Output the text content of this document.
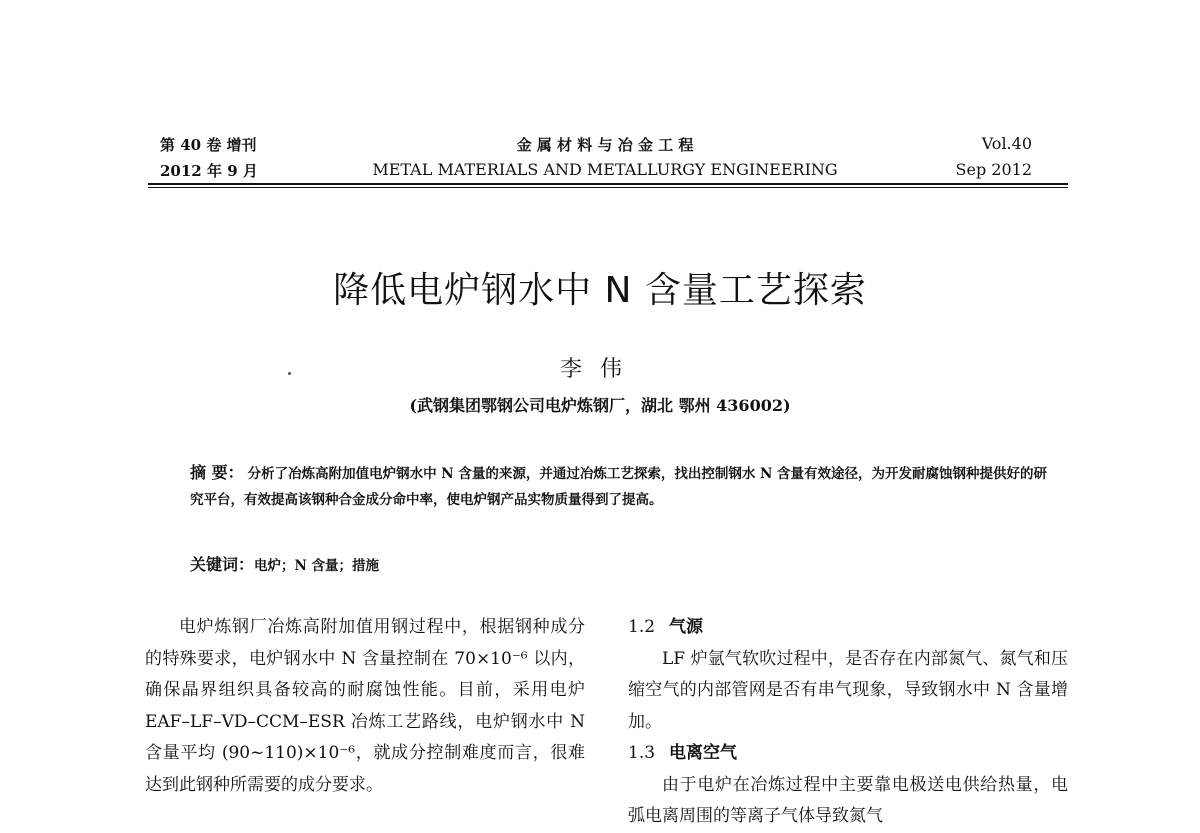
第 40 卷 增刊
2012 年 9 月
金 属 材 料 与 冶 金 工 程
METAL MATERIALS AND METALLURGY ENGINEERING
Vol.40
Sep 2012
降低电炉钢水中 N 含量工艺探索
李伟
(武钢集团鄂钢公司电炉炼钢厂，湖北 鄂州 436002)
摘 要： 分析了冶炼高附加值电炉钢水中 N 含量的来源，并通过冶炼工艺探索，找出控制钢水 N 含量有效途径，为开发耐腐蚀钢种提供好的研究平台，有效提高该钢种合金成分命中率，使电炉钢产品实物质量得到了提高。
关键词：电炉；N 含量；措施

电炉炼钢厂冶炼高附加值用钢过程中，根据钢种成分的特殊要求，电炉钢水中 N 含量控制在 70×10⁻⁶ 以内，确保晶界组织具备较高的耐腐蚀性能。目前，采用电炉 EAF–LF–VD–CCM–ESR 冶炼工艺路线，电炉钢水中 N 含量平均 (90~110)×10⁻⁶，就成分控制难度而言，很难达到此钢种所需要的成分要求。

1.2 气源

LF 炉氩气软吹过程中，是否存在内部氮气、氮气和压缩空气的内部管网是否有串气现象，导致钢水中 N 含量增加。

1.3 电离空气

由于电炉在冶炼过程中主要靠电极送电供给热量，电弧电离周围的等离子气体导致氮气
